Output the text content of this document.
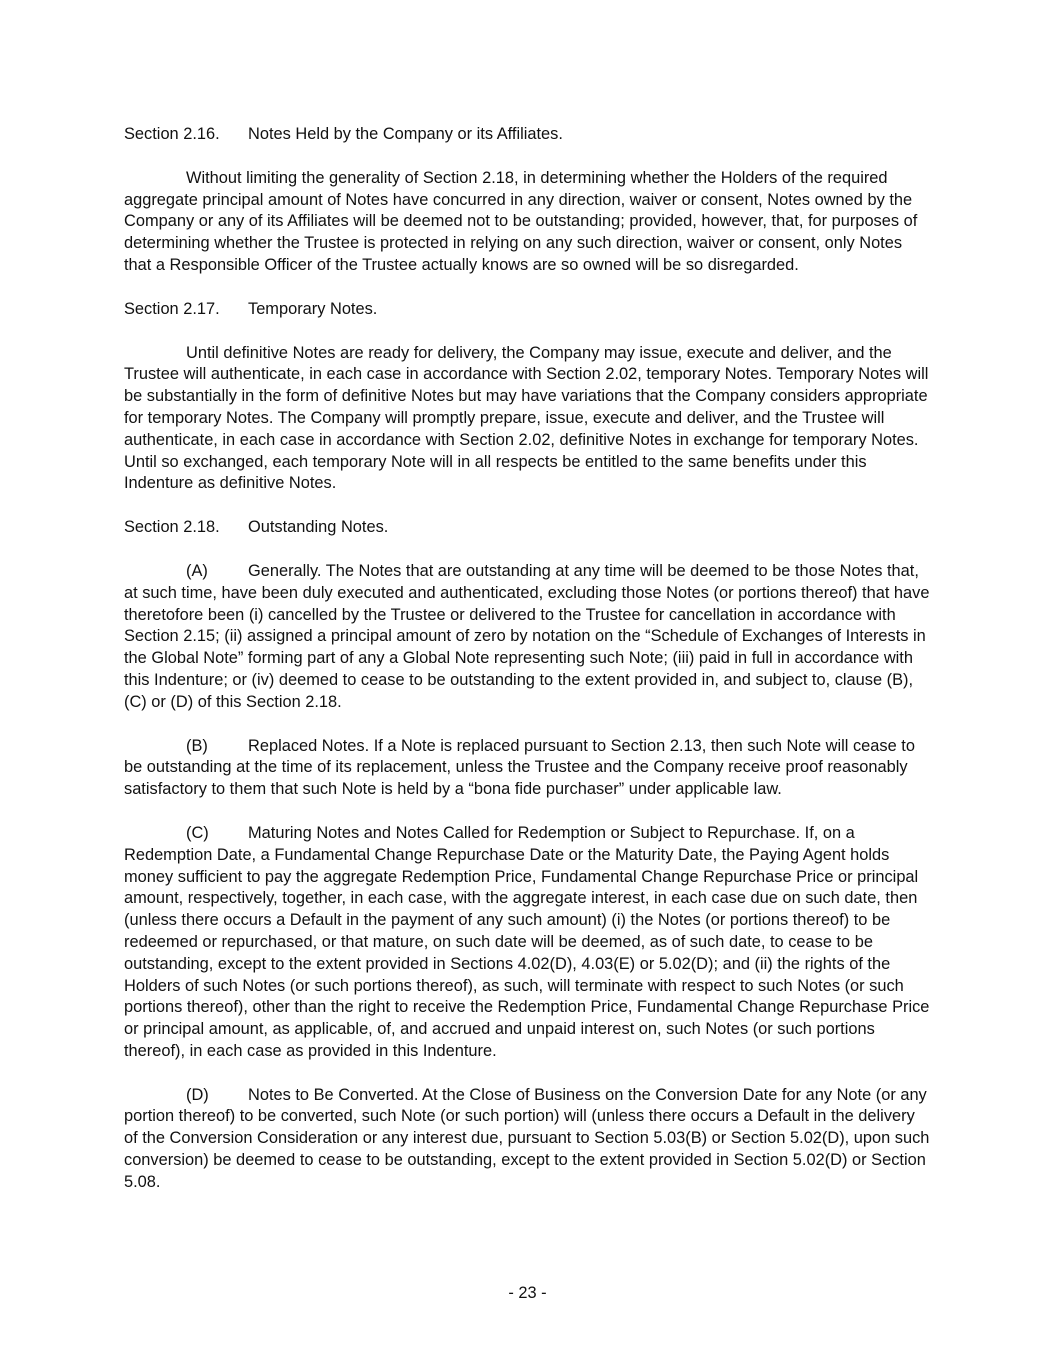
Section 2.16. Notes Held by the Company or its Affiliates.

Without limiting the generality of Section 2.18, in determining whether the Holders of the required aggregate principal amount of Notes have concurred in any direction, waiver or consent, Notes owned by the Company or any of its Affiliates will be deemed not to be outstanding; provided, however, that, for purposes of determining whether the Trustee is protected in relying on any such direction, waiver or consent, only Notes that a Responsible Officer of the Trustee actually knows are so owned will be so disregarded.

Section 2.17. Temporary Notes.

Until definitive Notes are ready for delivery, the Company may issue, execute and deliver, and the Trustee will authenticate, in each case in accordance with Section 2.02, temporary Notes. Temporary Notes will be substantially in the form of definitive Notes but may have variations that the Company considers appropriate for temporary Notes. The Company will promptly prepare, issue, execute and deliver, and the Trustee will authenticate, in each case in accordance with Section 2.02, definitive Notes in exchange for temporary Notes. Until so exchanged, each temporary Note will in all respects be entitled to the same benefits under this Indenture as definitive Notes.

Section 2.18. Outstanding Notes.

(A) Generally. The Notes that are outstanding at any time will be deemed to be those Notes that, at such time, have been duly executed and authenticated, excluding those Notes (or portions thereof) that have theretofore been (i) cancelled by the Trustee or delivered to the Trustee for cancellation in accordance with Section 2.15; (ii) assigned a principal amount of zero by notation on the “Schedule of Exchanges of Interests in the Global Note” forming part of any a Global Note representing such Note; (iii) paid in full in accordance with this Indenture; or (iv) deemed to cease to be outstanding to the extent provided in, and subject to, clause (B), (C) or (D) of this Section 2.18.

(B) Replaced Notes. If a Note is replaced pursuant to Section 2.13, then such Note will cease to be outstanding at the time of its replacement, unless the Trustee and the Company receive proof reasonably satisfactory to them that such Note is held by a “bona fide purchaser” under applicable law.

(C) Maturing Notes and Notes Called for Redemption or Subject to Repurchase. If, on a Redemption Date, a Fundamental Change Repurchase Date or the Maturity Date, the Paying Agent holds money sufficient to pay the aggregate Redemption Price, Fundamental Change Repurchase Price or principal amount, respectively, together, in each case, with the aggregate interest, in each case due on such date, then (unless there occurs a Default in the payment of any such amount) (i) the Notes (or portions thereof) to be redeemed or repurchased, or that mature, on such date will be deemed, as of such date, to cease to be outstanding, except to the extent provided in Sections 4.02(D), 4.03(E) or 5.02(D); and (ii) the rights of the Holders of such Notes (or such portions thereof), as such, will terminate with respect to such Notes (or such portions thereof), other than the right to receive the Redemption Price, Fundamental Change Repurchase Price or principal amount, as applicable, of, and accrued and unpaid interest on, such Notes (or such portions thereof), in each case as provided in this Indenture.

(D) Notes to Be Converted. At the Close of Business on the Conversion Date for any Note (or any portion thereof) to be converted, such Note (or such portion) will (unless there occurs a Default in the delivery of the Conversion Consideration or any interest due, pursuant to Section 5.03(B) or Section 5.02(D), upon such conversion) be deemed to cease to be outstanding, except to the extent provided in Section 5.02(D) or Section 5.08.

- 23 -
